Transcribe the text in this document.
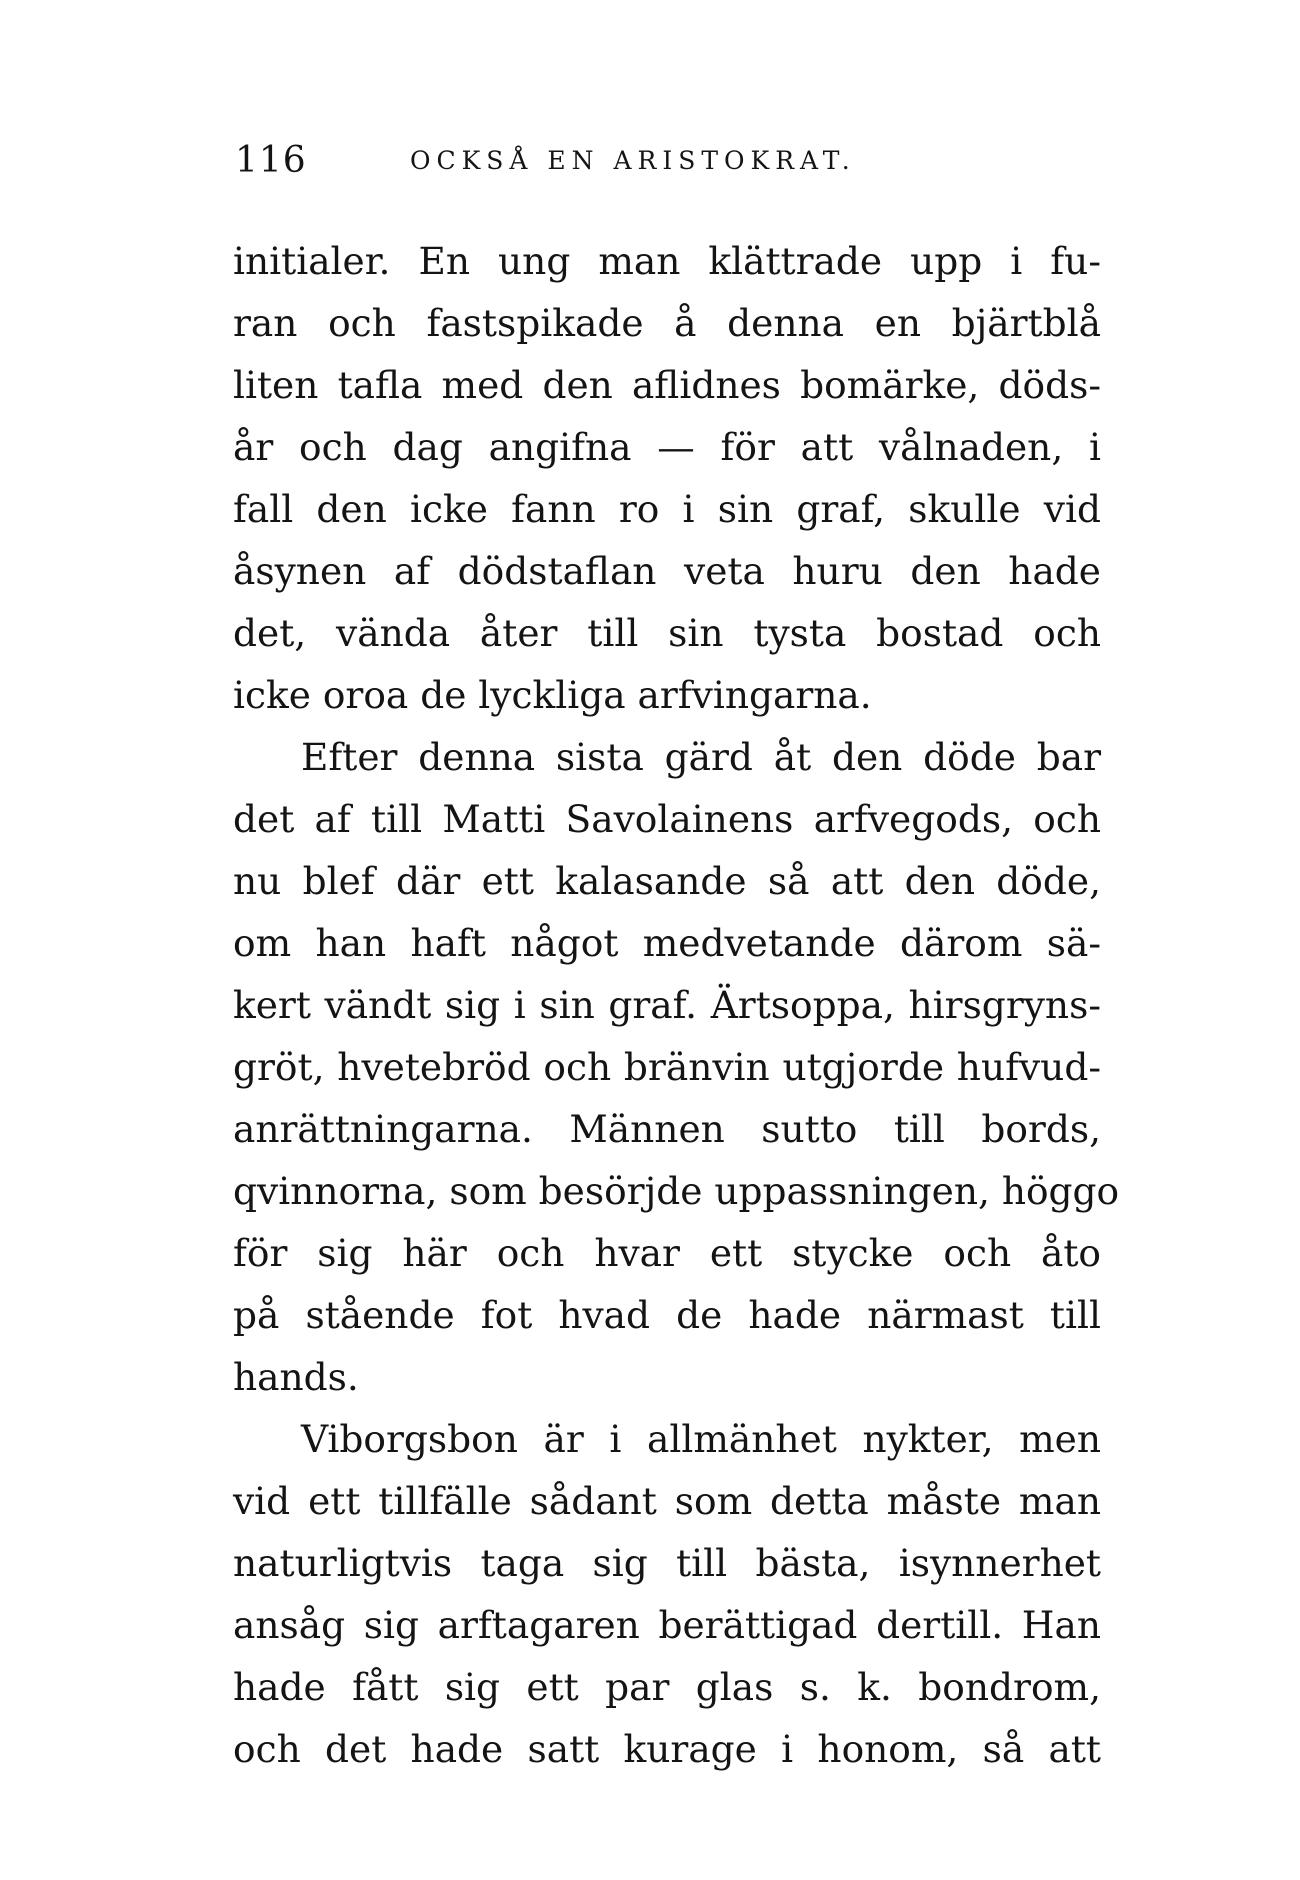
116	OCKSÅ EN ARISTOKRAT.
initialer. En ung man klättrade upp i fu-
ran och fastspikade å denna en bjärtblå
liten tafla med den aflidnes bomärke, döds-
år och dag angifna — för att vålnaden, i
fall den icke fann ro i sin graf, skulle vid
åsynen af dödstaflan veta huru den hade
det, vända åter till sin tysta bostad och
icke oroa de lyckliga arfvingarna.
Efter denna sista gärd åt den döde bar
det af till Matti Savolainens arfvegods, och
nu blef där ett kalasande så att den döde,
om han haft något medvetande därom sä-
kert vändt sig i sin graf. Ärtsoppa, hirsgryns-
gröt, hvetebröd och bränvin utgjorde hufvud-
anrättningarna. Männen sutto till bords,
qvinnorna, som besörjde uppassningen, höggo
för sig här och hvar ett stycke och åto
på stående fot hvad de hade närmast till
hands.
Viborgsbon är i allmänhet nykter, men
vid ett tillfälle sådant som detta måste man
naturligtvis taga sig till bästa, isynnerhet
ansåg sig arftagaren berättigad dertill. Han
hade fått sig ett par glas s. k. bondrom,
och det hade satt kurage i honom, så att
